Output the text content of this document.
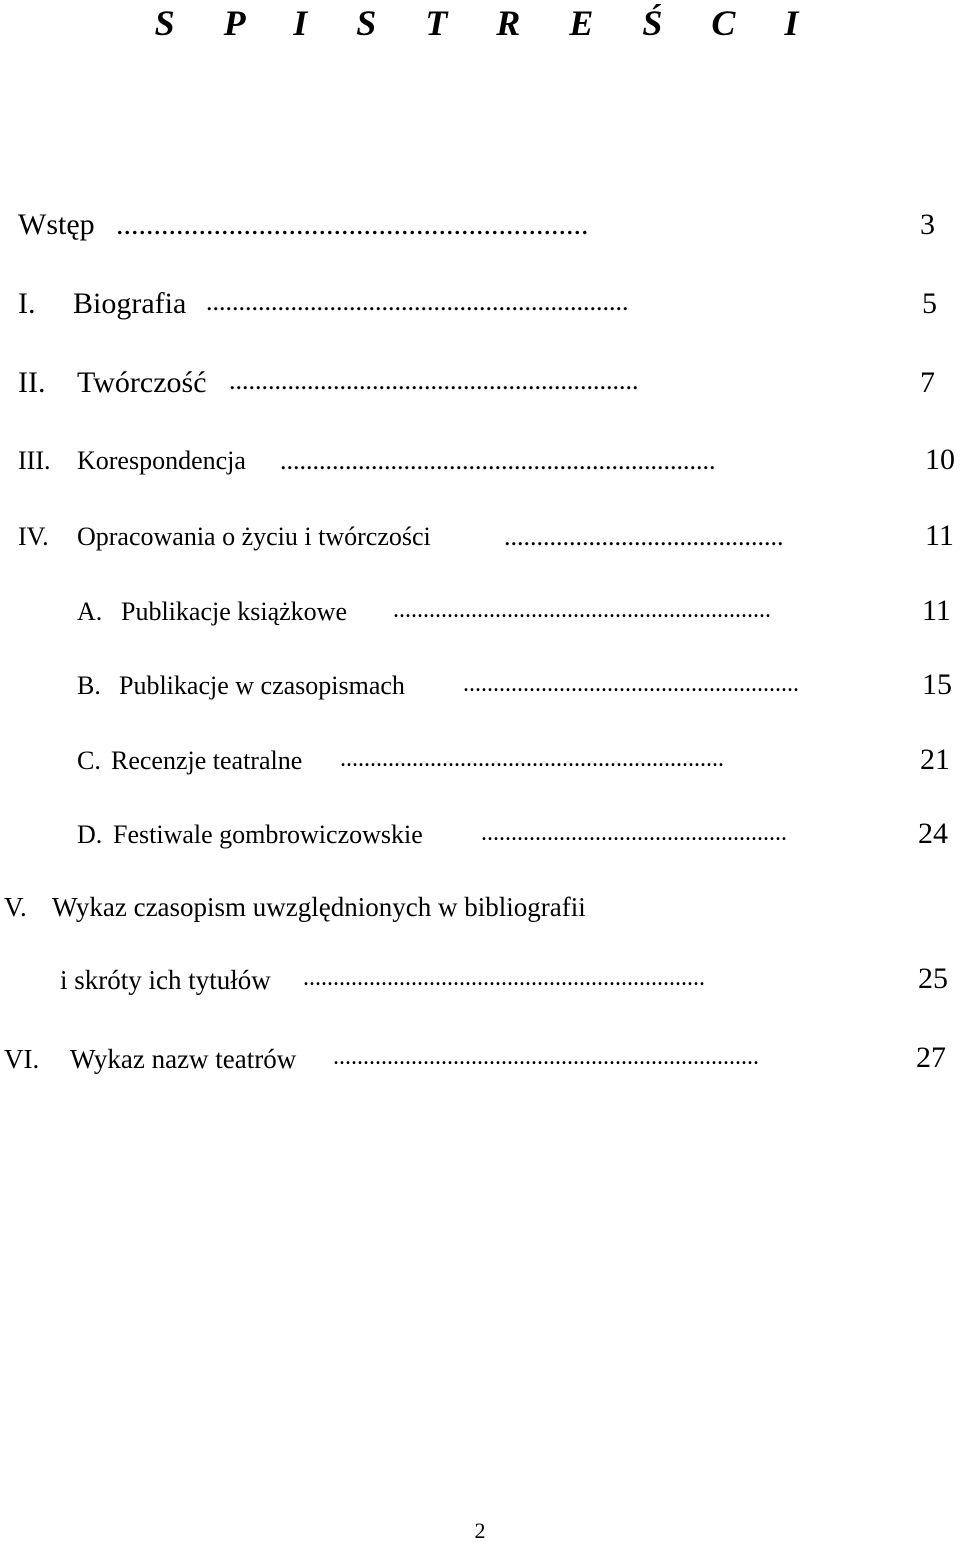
S P I S T R E Ś C I
Wstęp ...............................................................	3
I. Biografia .................................................................	5
II. Twórczość ...............................................................	7
III. Korespondencja ...................................................................	10
IV. Opracowania o życiu i twórczości	...........................................	11
A. Publikacje książkowe ...............................................................	11
B. Publikacje w czasopismach ........................................................	15
C. Recenzje teatralne ................................................................	21
D. Festiwale gombrowiczowskie ...................................................	24
V. Wykaz czasopism uwzględnionych w bibliografii
i skróty ich tytułów ...................................................................	25
VI. Wykaz nazw teatrów .......................................................................	27
2
